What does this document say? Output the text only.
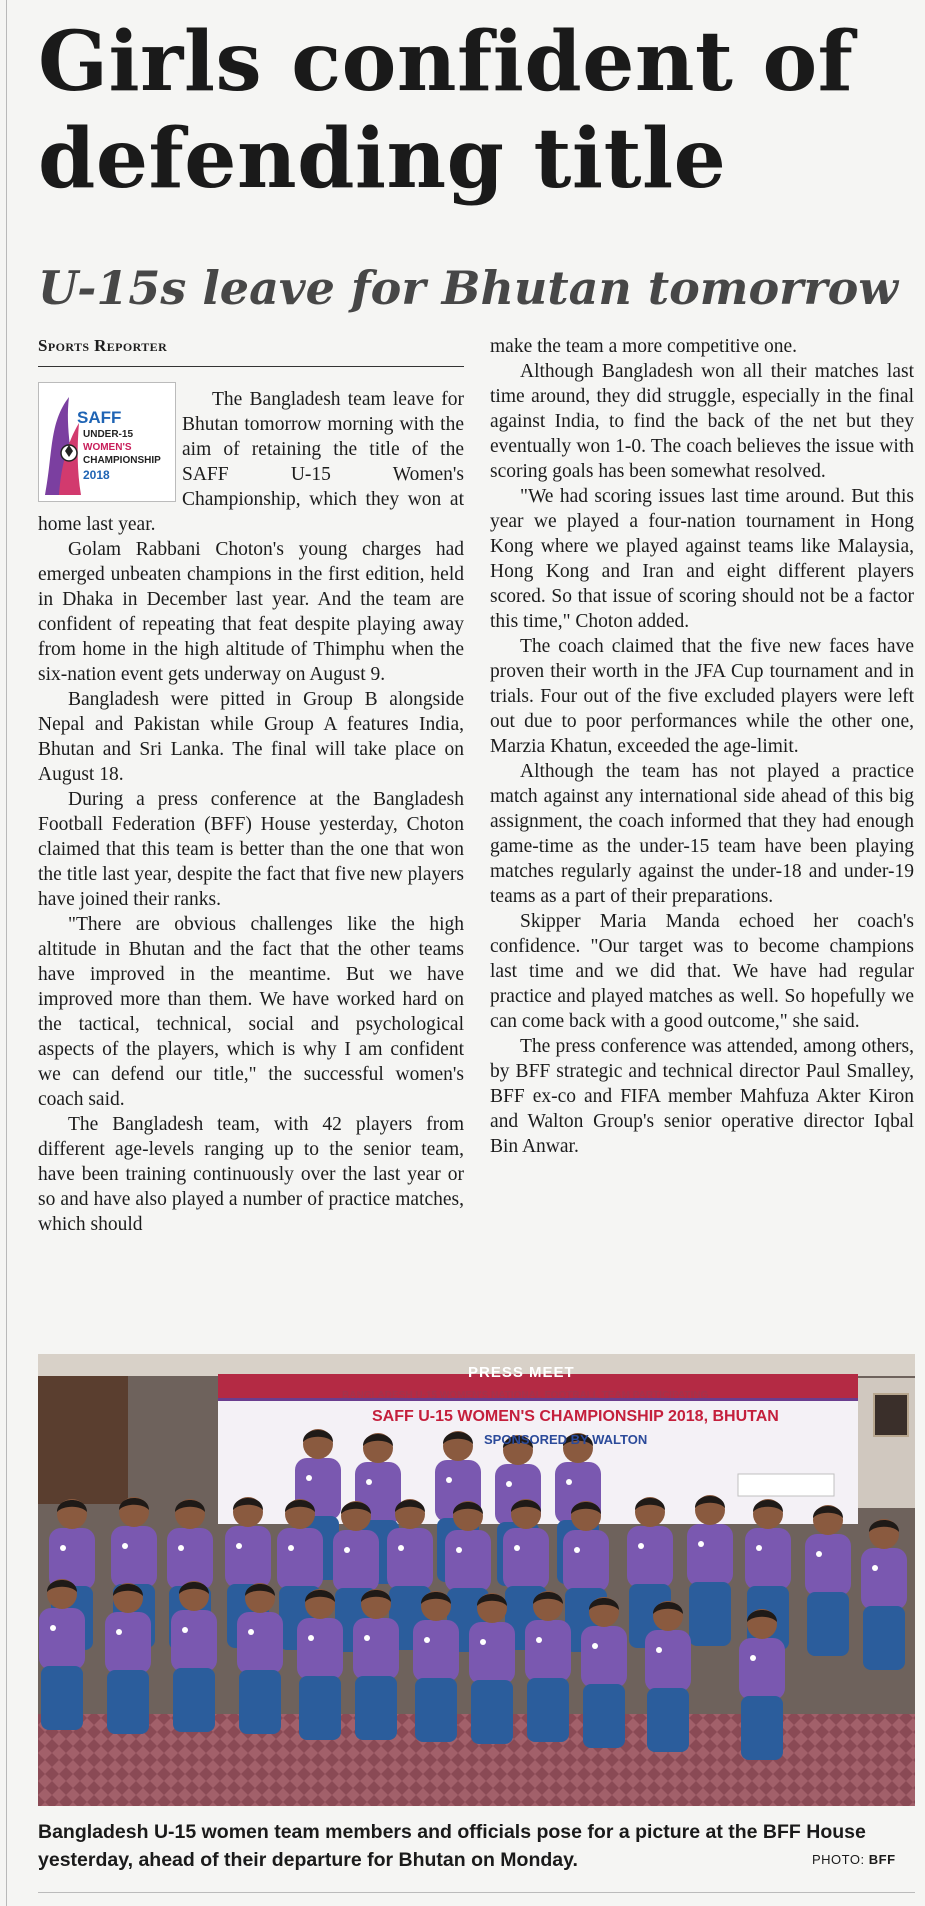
Girls confident of
defending title
U-15s leave for Bhutan tomorrow
Sports Reporter
SAFF
UNDER-15
WOMEN'S
CHAMPIONSHIP
2018

The Bangladesh team leave for Bhutan tomorrow morning with the aim of retaining the title of the SAFF U-15 Women's Championship, which they won at home last year.

Golam Rabbani Choton's young charges had emerged unbeaten champions in the first edition, held in Dhaka in December last year. And the team are confident of repeating that feat despite playing away from home in the high altitude of Thimphu when the six-nation event gets underway on August 9.

Bangladesh were pitted in Group B alongside Nepal and Pakistan while Group A features India, Bhutan and Sri Lanka. The final will take place on August 18.

During a press conference at the Bangladesh Football Federation (BFF) House yesterday, Choton claimed that this team is better than the one that won the title last year, despite the fact that five new players have joined their ranks.

"There are obvious challenges like the high altitude in Bhutan and the fact that the other teams have improved in the meantime. But we have improved more than them. We have worked hard on the tactical, technical, social and psychological aspects of the players, which is why I am confident we can defend our title," the successful women's coach said.

The Bangladesh team, with 42 players from different age-levels ranging up to the senior team, have been training continuously over the last year or so and have also played a number of practice matches, which should

make the team a more competitive one.

Although Bangladesh won all their matches last time around, they did struggle, especially in the final against India, to find the back of the net but they eventually won 1-0. The coach believes the issue with scoring goals has been somewhat resolved.

"We had scoring issues last time around. But this year we played a four-nation tournament in Hong Kong where we played against teams like Malaysia, Hong Kong and Iran and eight different players scored. So that issue of scoring should not be a factor this time," Choton added.

The coach claimed that the five new faces have proven their worth in the JFA Cup tournament and in trials. Four out of the five excluded players were left out due to poor performances while the other one, Marzia Khatun, exceeded the age-limit.

Although the team has not played a practice match against any international side ahead of this big assignment, the coach informed that they had enough game-time as the under-15 team have been playing matches regularly against the under-18 and under-19 teams as a part of their preparations.

Skipper Maria Manda echoed her coach's confidence. "Our target was to become champions last time and we did that. We have had regular practice and played matches as well. So hopefully we can come back with a good outcome," she said.

The press conference was attended, among others, by BFF strategic and technical director Paul Smalley, BFF ex-co and FIFA member Mahfuza Akter Kiron and Walton Group's senior operative director Iqbal Bin Anwar.

PRESS MEET
BANGLADESH U-15 WOMEN'S NATIONAL FOOTBALL TEAM PARTICIPATING
SAFF U-15 WOMEN'S CHAMPIONSHIP 2018, BHUTAN
SPONSORED BY WALTON

Bangladesh U-15 women team members and officials pose for a picture at the BFF House yesterday, ahead of their departure for Bhutan on Monday.	PHOTO: BFF
